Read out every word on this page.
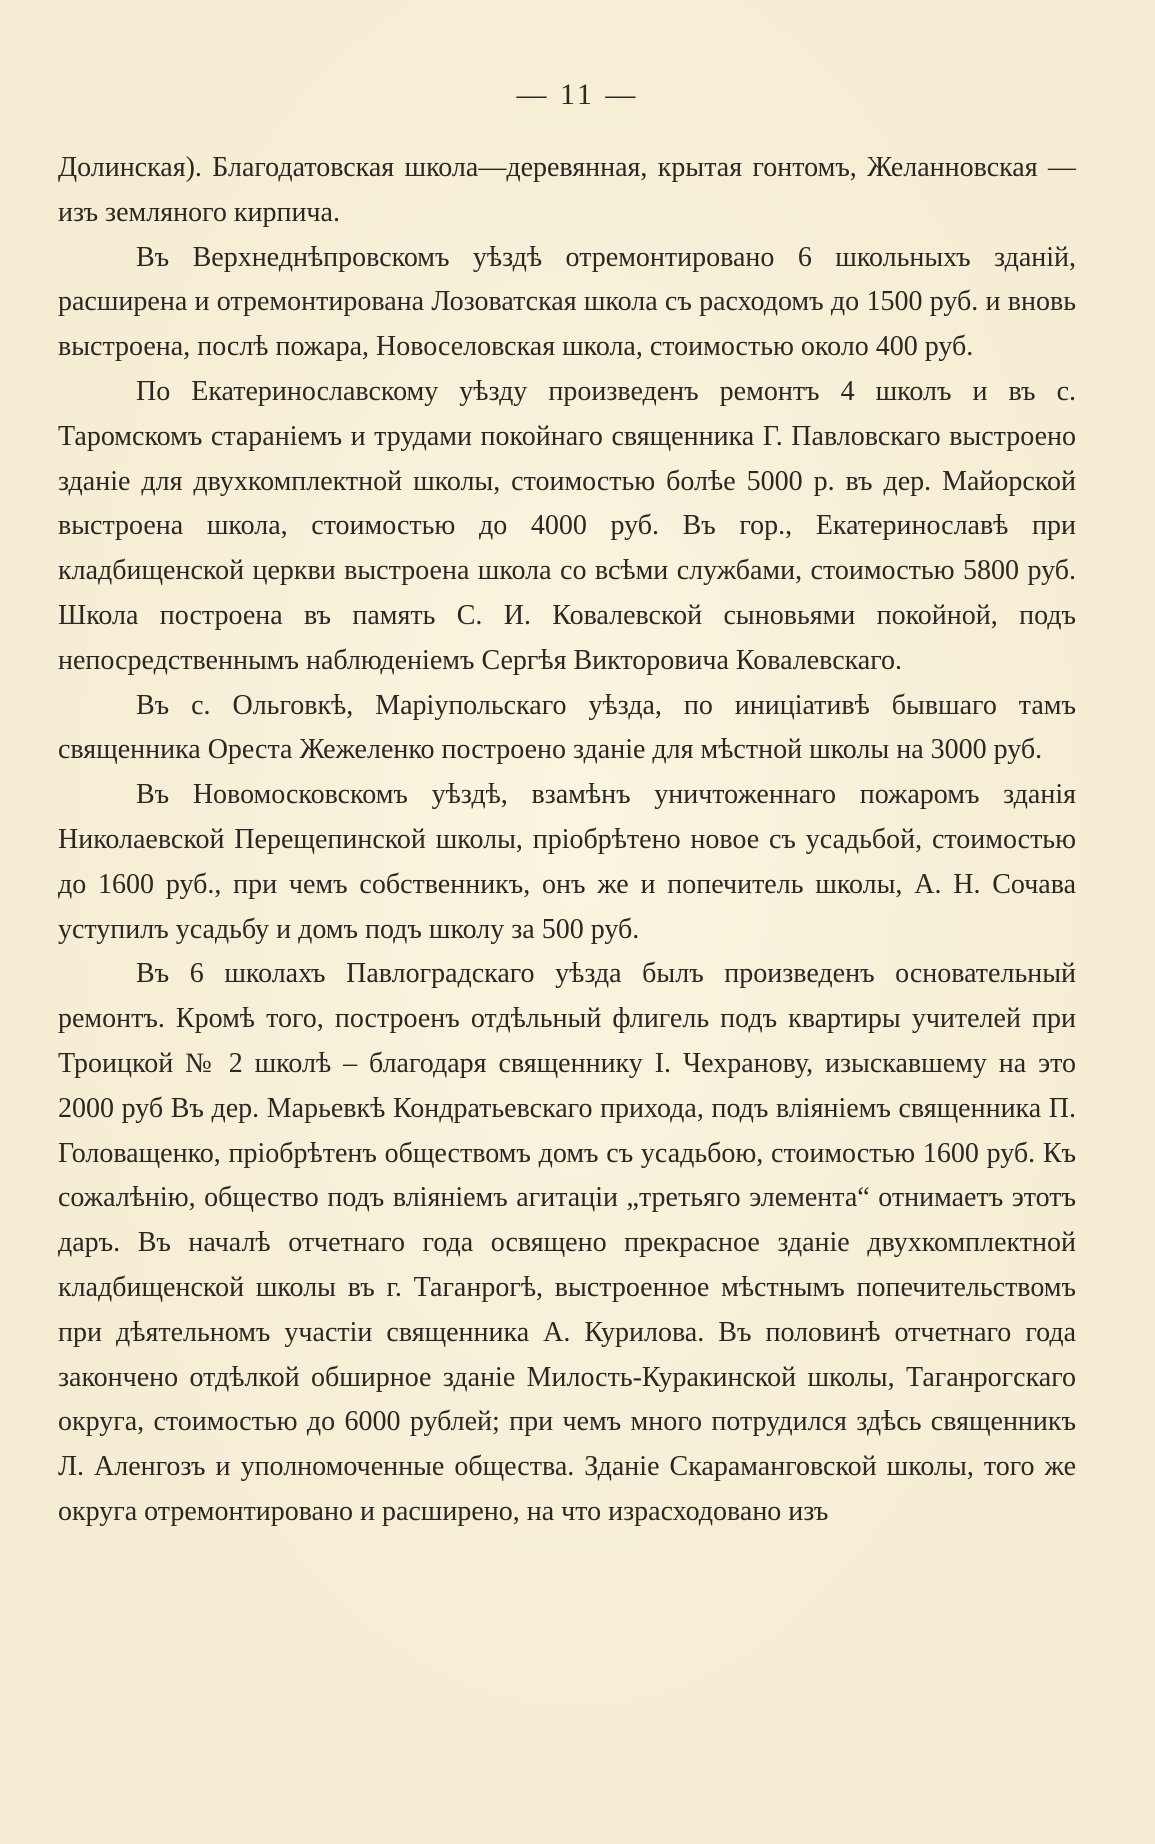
— 11 —

Долинская). Благодатовская школа—деревянная, крытая гонтомъ, Желанновская —изъ земляного кирпича.

Въ Верхнеднѣпровскомъ уѣздѣ отремонтировано 6 школьныхъ зданій, расширена и отремонтирована Лозоватская школа съ расходомъ до 1500 руб. и вновь выстроена, послѣ пожара, Новоселовская школа, стоимостью около 400 руб.

По Екатеринославскому уѣзду произведенъ ремонтъ 4 школъ и въ с. Таромскомъ стараніемъ и трудами покойнаго священника Г. Павловскаго выстроено зданіе для двухкомплектной школы, стоимостью болѣе 5000 р. въ дер. Майорской выстроена школа, стоимостью до 4000 руб. Въ гор., Екатеринославѣ при кладбищенской церкви выстроена школа со всѣми службами, стоимостью 5800 руб. Школа построена въ память С. И. Ковалевской сыновьями покойной, подъ непосредственнымъ наблюденіемъ Сергѣя Викторовича Ковалевскаго.

Въ с. Ольговкѣ, Маріупольскаго уѣзда, по иниціативѣ бывшаго тамъ священника Ореста Жежеленко построено зданіе для мѣстной школы на 3000 руб.

Въ Новомосковскомъ уѣздѣ, взамѣнъ уничтоженнаго пожаромъ зданія Николаевской Перещепинской школы, пріобрѣтено новое съ усадьбой, стоимостью до 1600 руб., при чемъ собственникъ, онъ же и попечитель школы, А. Н. Сочава уступилъ усадьбу и домъ подъ школу за 500 руб.

Въ 6 школахъ Павлоградскаго уѣзда былъ произведенъ основательный ремонтъ. Кромѣ того, построенъ отдѣльный флигель подъ квартиры учителей при Троицкой № 2 школѣ – благодаря священнику І. Чехранову, изыскавшему на это 2000 руб Въ дер. Марьевкѣ Кондратьевскаго прихода, подъ вліяніемъ священника П. Головащенко, пріобрѣтенъ обществомъ домъ съ усадьбою, стоимостью 1600 руб. Къ сожалѣнію, общество подъ вліяніемъ агитаціи „третьяго элемента“ отнимаетъ этотъ даръ. Въ началѣ отчетнаго года освящено прекрасное зданіе двухкомплектной кладбищенской школы въ г. Таганрогѣ, выстроенное мѣстнымъ попечительствомъ при дѣятельномъ участіи священника А. Курилова. Въ половинѣ отчетнаго года закончено отдѣлкой обширное зданіе Милость-Куракинской школы, Таганрогскаго округа, стоимостью до 6000 рублей; при чемъ много потрудился здѣсь священникъ Л. Аленгозъ и уполномоченные общества. Зданіе Скараманговской школы, того же округа отремонтировано и расширено, на что израсходовано изъ
